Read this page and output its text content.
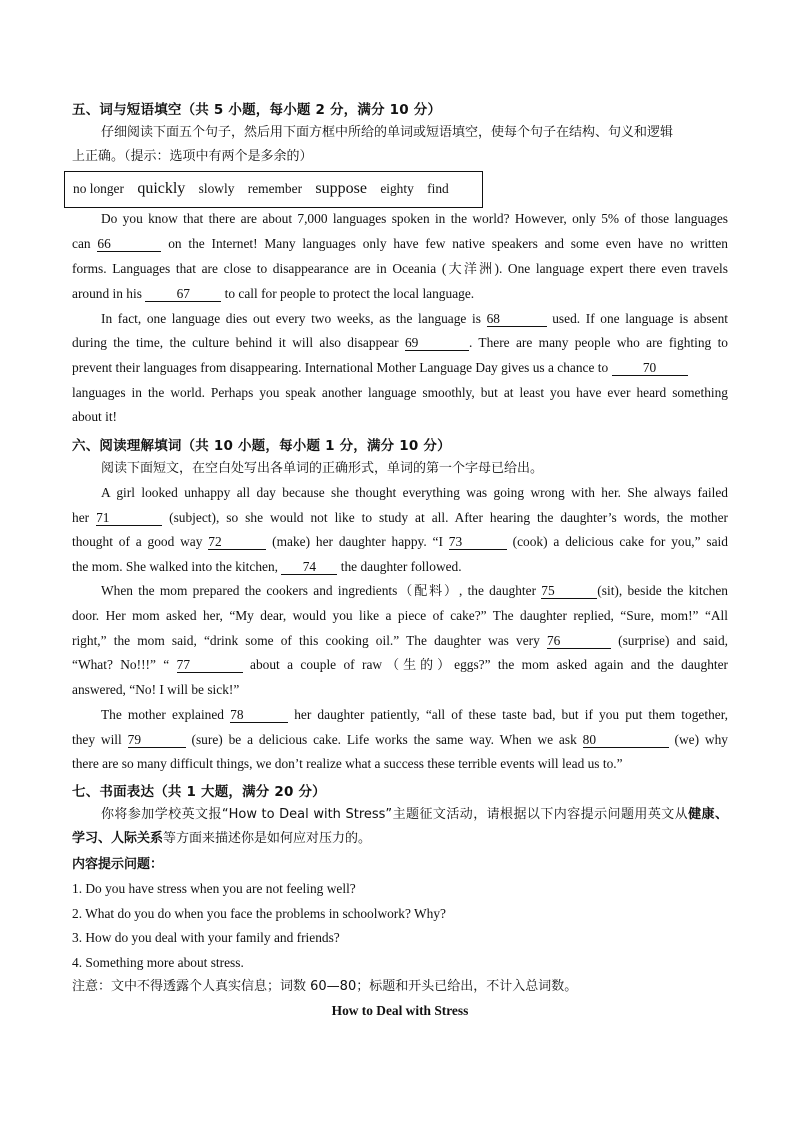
五、词与短语填空（共 5 小题，每小题 2 分，满分 10 分）
仔细阅读下面五个句子，然后用下面方框中所给的单词或短语填空，使每个句子在结构、句义和逻辑
上正确。（提示：选项中有两个是多余的）
no longer quickly slowly remember suppose eighty find
Do you know that there are about 7,000 languages spoken in the world? However, only 5% of those languages
can 66	on the Internet! Many languages only have few native speakers and some even have no written
forms. Languages that are close to disappearance are in Oceania (大洋洲). One language expert there even travels
around in his	67	to call for people to protect the local language.
In fact, one language dies out every two weeks, as the language is 68	used. If one language is absent
during the time, the culture behind it will also disappear 69	. There are many people who are fighting to
prevent their languages from disappearing. International Mother Language Day gives us a chance to	70
languages in the world. Perhaps you speak another language smoothly, but at least you have ever heard something
about it!
六、阅读理解填词（共 10 小题，每小题 1 分，满分 10 分）
阅读下面短文，在空白处写出各单词的正确形式，单词的第一个字母已给出。
A girl looked unhappy all day because she thought everything was going wrong with her. She always failed
her 71	(subject), so she would not like to study at all. After hearing the daughter’s words, the mother
thought of a good way 72	(make) her daughter happy. “I 73	(cook) a delicious cake for you,” said
the mom. She walked into the kitchen, 74 the daughter followed.
When the mom prepared the cookers and ingredients（配料）, the daughter 75	(sit), beside the kitchen
door. Her mom asked her, “My dear, would you like a piece of cake?” The daughter replied, “Sure, mom!” “All
right,” the mom said, “drink some of this cooking oil.” The daughter was very 76	(surprise) and said,
“What? No!!!” “ 77	about a couple of raw（生的）eggs?” the mom asked again and the daughter
answered, “No! I will be sick!”
The mother explained 78	her daughter patiently, “all of these taste bad, but if you put them together,
they will 79	(sure) be a delicious cake. Life works the same way. When we ask 80	(we) why
there are so many difficult things, we don’t realize what a success these terrible events will lead us to.”
七、书面表达（共 1 大题，满分 20 分）
你将参加学校英文报“How to Deal with Stress”主题征文活动，请根据以下内容提示问题用英文从健康、
学习、人际关系等方面来描述你是如何应对压力的。
内容提示问题：
1. Do you have stress when you are not feeling well?
2. What do you do when you face the problems in schoolwork? Why?
3. How do you deal with your family and friends?
4. Something more about stress.
注意：文中不得透露个人真实信息；词数 60—80；标题和开头已给出，不计入总词数。
How to Deal with Stress
